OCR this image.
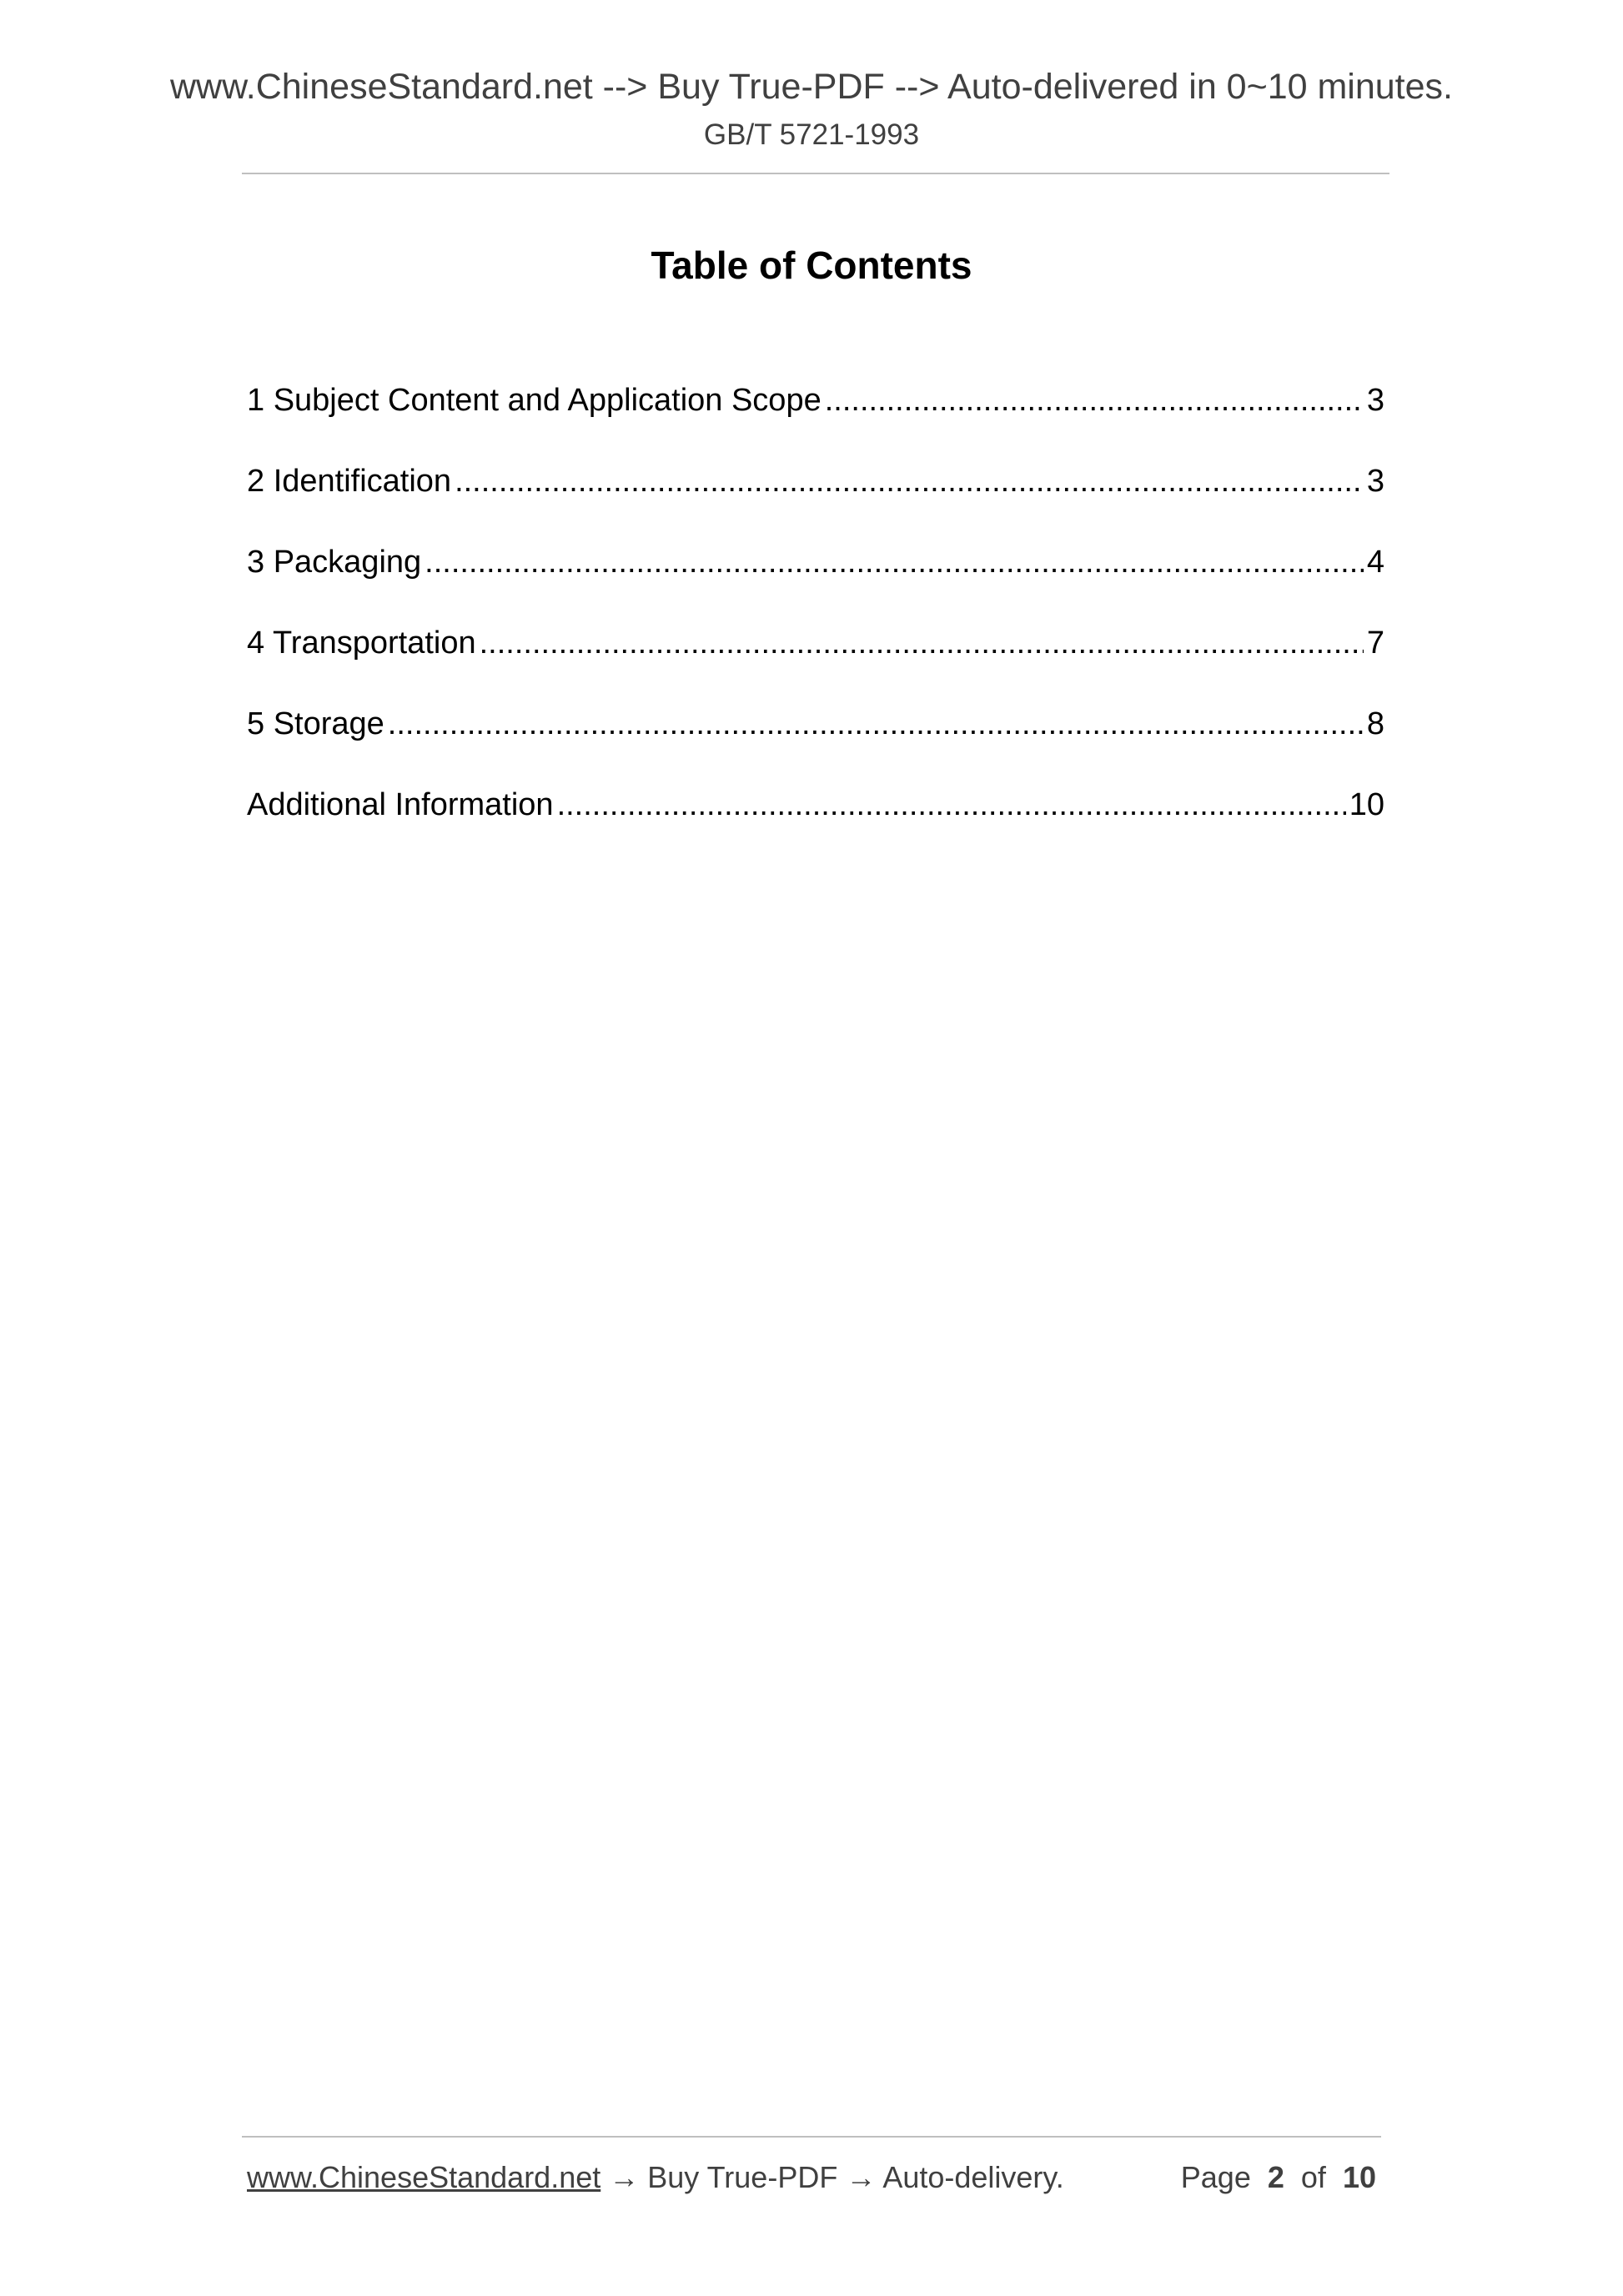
www.ChineseStandard.net --> Buy True-PDF --> Auto-delivered in 0~10 minutes.
GB/T 5721-1993
Table of Contents
1 Subject Content and Application Scope .....	3
2 Identification .....	3
3 Packaging .....	4
4 Transportation .....	7
5 Storage .....	8
Additional Information .....	10
www.ChineseStandard.net → Buy True-PDF → Auto-delivery.	Page 2 of 10
